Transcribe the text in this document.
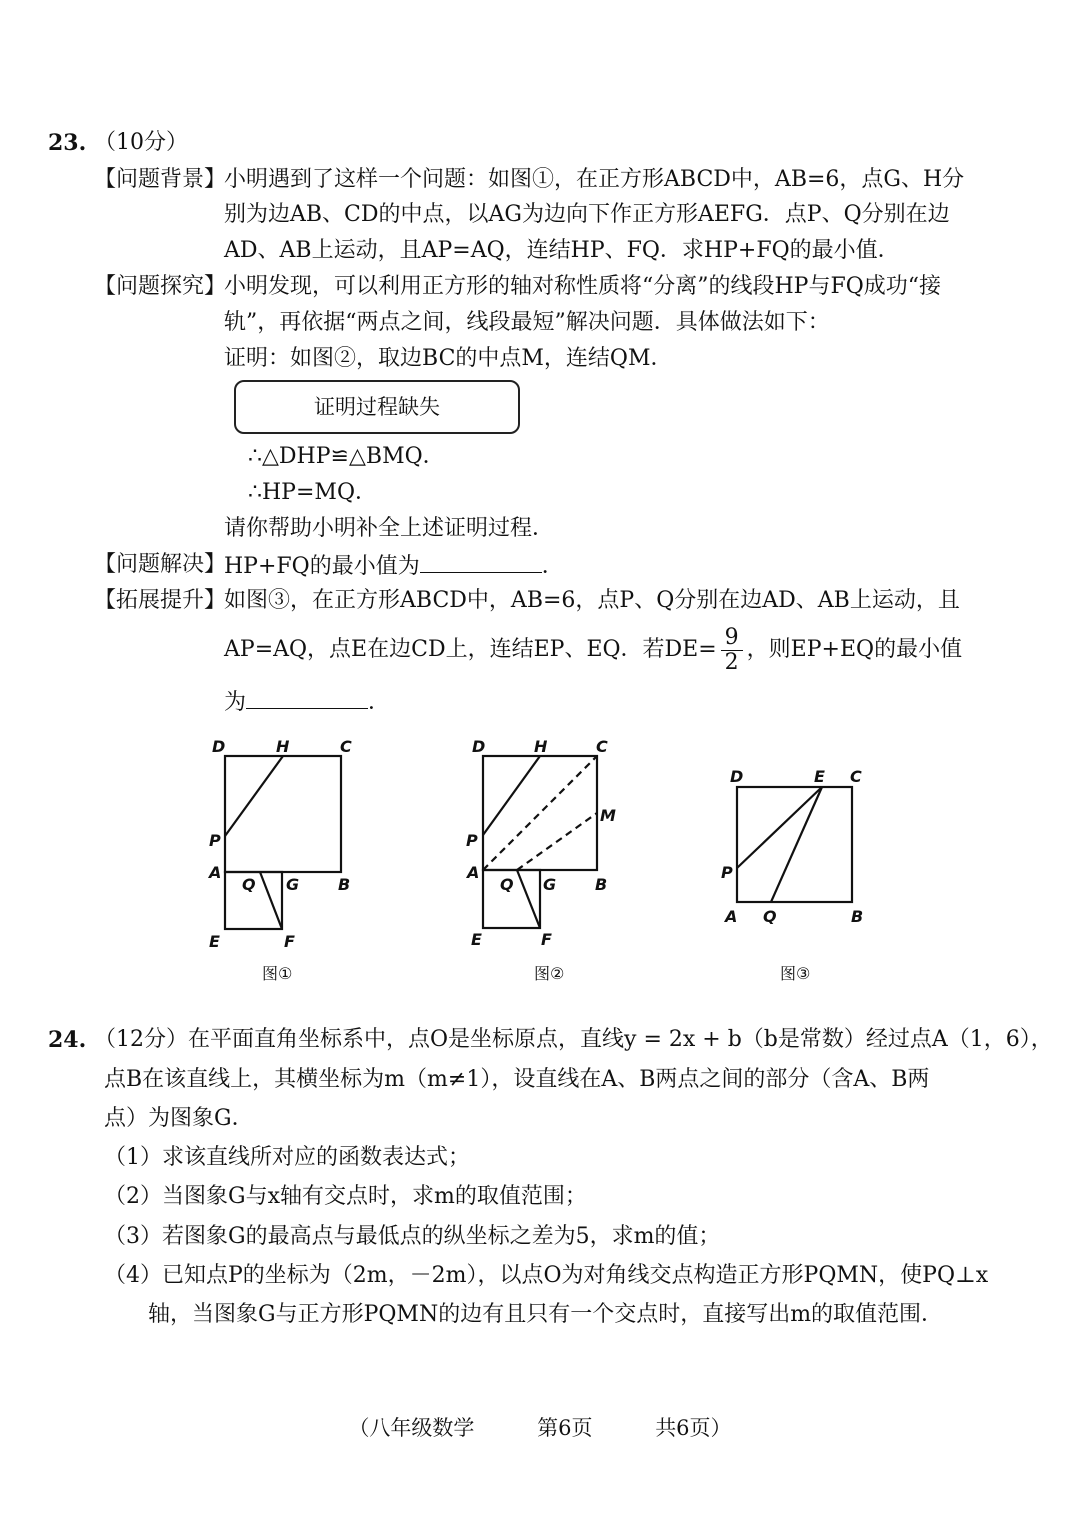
23. （10分）
【问题背景】
小明遇到了这样一个问题：如图①，在正方形ABCD中，AB=6，点G、H分
别为边AB、CD的中点，以AG为边向下作正方形AEFG．点P、Q分别在边
AD、AB上运动，且AP=AQ，连结HP、FQ．求HP+FQ的最小值．
【问题探究】
小明发现，可以利用正方形的轴对称性质将“分离”的线段HP与FQ成功“接
轨”，再依据“两点之间，线段最短”解决问题．具体做法如下：
证明：如图②，取边BC的中点M，连结QM．
证明过程缺失
∴△DHP≌△BMQ．
∴HP=MQ．
请你帮助小明补全上述证明过程．
【问题解决】
HP+FQ的最小值为	．
【拓展提升】
如图③，在正方形ABCD中，AB=6，点P、Q分别在边AD、AB上运动，且
AP=AQ，点E在边CD上，连结EP、EQ．若$DE= \frac{9}{2}$ ，则EP+EQ的最小值
为	．
D	H	C
P
A
Q G B
E	F
图①
D	H	C
M
P
A
Q G B
E	F
图②
D	E C
P
A Q	B
图③
24. （12分）在平面直角坐标系中，点O是坐标原点，直线y = 2x + b（b是常数）经过点A（1，6），
点B在该直线上，其横坐标为m（m≠1），设直线在A、B两点之间的部分（含A、B两
点）为图象G．
（1）求该直线所对应的函数表达式；
（2）当图象G与x轴有交点时，求m的取值范围；
（3）若图象G的最高点与最低点的纵坐标之差为5，求m的值；
（4）已知点P的坐标为（2m，－2m），以点O为对角线交点构造正方形PQMN，使PQ⊥x
轴，当图象G与正方形PQMN的边有且只有一个交点时，直接写出m的取值范围．
（八年级数学	第6页	共6页）
